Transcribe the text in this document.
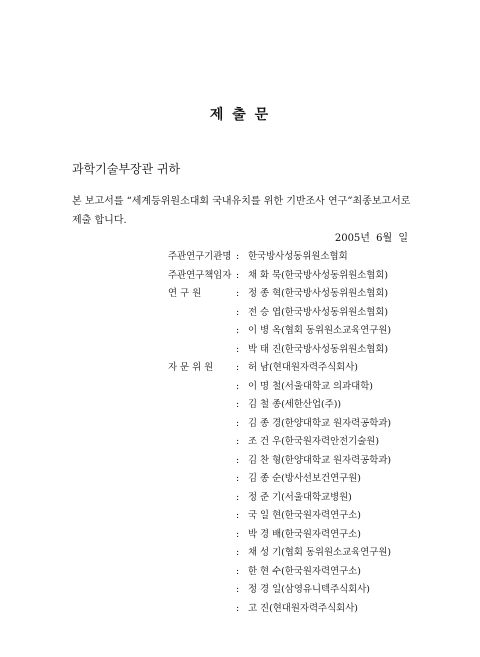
제 출 문
과학기술부장관 귀하
본 보고서를 “세계등위원소대회 국내유치를 위한 기반조사 연구”최종보고서로 제출 합니다.
2005년 6월 일
주관연구기관명 : 한국방사성동위원소협회
주관연구책임자 : 채 화 묵(한국방사성동위원소협회)
연 구 원	: 정 종 혁(한국방사성동위원소협회)
: 전 승 엽(한국방사성동위원소협회)
: 이 병 옥(협회 동위원소교육연구원)
: 박 태 진(한국방사성동위원소협회)
자 문 위 원	: 허 남(현대원자력주식회사)
: 이 명 철(서울대학교 의과대학)
: 김 철 종(세한산업(주))
: 김 종 경(한양대학교 원자력공학과)
: 조 건 우(한국원자력안전기술원)
: 김 찬 형(한양대학교 원자력공학과)
: 김 종 순(방사선보건연구원)
: 정 준 기(서울대학교병원)
: 국 일 현(한국원자력연구소)
: 박 경 배(한국원자력연구소)
: 채 성 기(협회 동위원소교육연구원)
: 한 현 수(한국원자력연구소)
: 정 경 일(삼영유니텍주식회사)
: 고 진(현대원자력주식회사)
